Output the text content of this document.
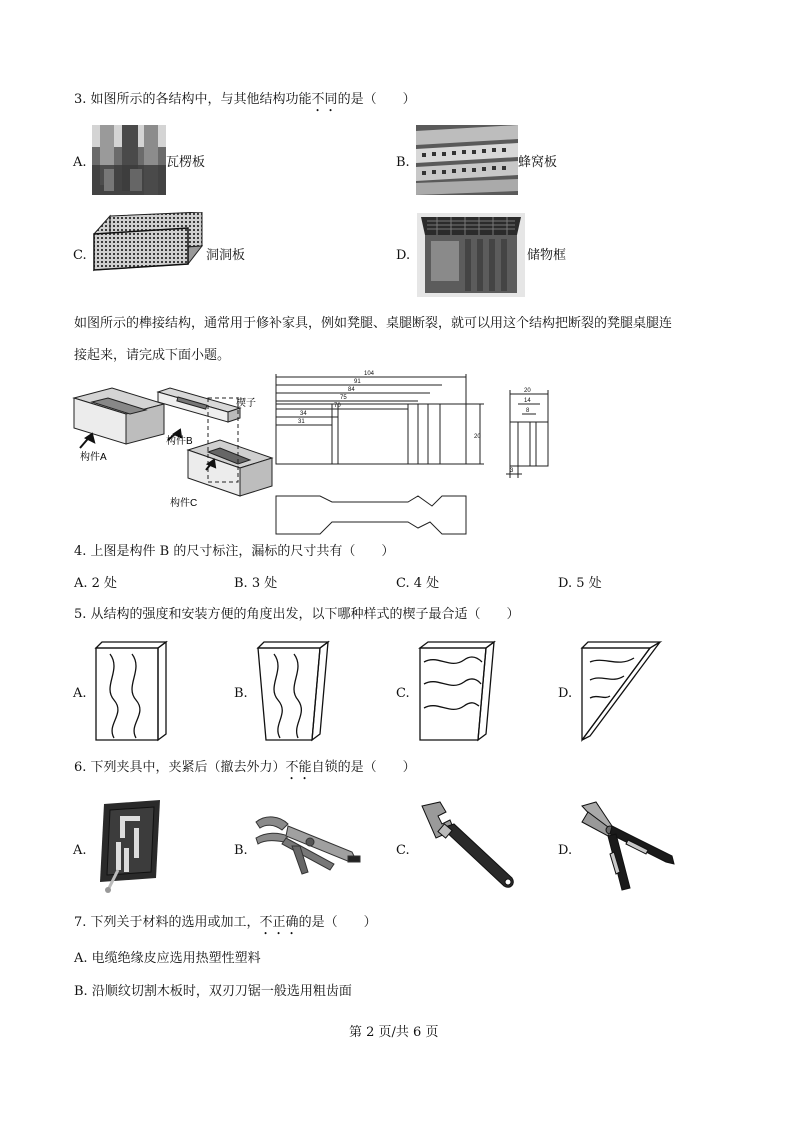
3. 如图所示的各结构中，与其他结构功能不同的是（　　）
A.	瓦楞板	B.	蜂窝板
C.	洞洞板	D.	储物框
如图所示的榫接结构，通常用于修补家具，例如凳腿、桌腿断裂，就可以用这个结构把断裂的凳腿桌腿连
接起来，请完成下面小题。
楔子
构件A
构件B
构件C
104
91
84
75
70
34
31
20
20
14
8
3
4. 上图是构件 B 的尺寸标注，漏标的尺寸共有（　　）
A. 2 处	B. 3 处	C. 4 处	D. 5 处
5. 从结构的强度和安装方便的角度出发，以下哪种样式的楔子最合适（　　）
A.	B.	C.	D.
6. 下列夹具中，夹紧后（撤去外力）不能自锁的是（　　）
A.	B.	C.	D.
7. 下列关于材料的选用或加工，不正确的是（　　）
A. 电缆绝缘皮应选用热塑性塑料
B. 沿顺纹切割木板时，双刃刀锯一般选用粗齿面
第 2 页/共 6 页
